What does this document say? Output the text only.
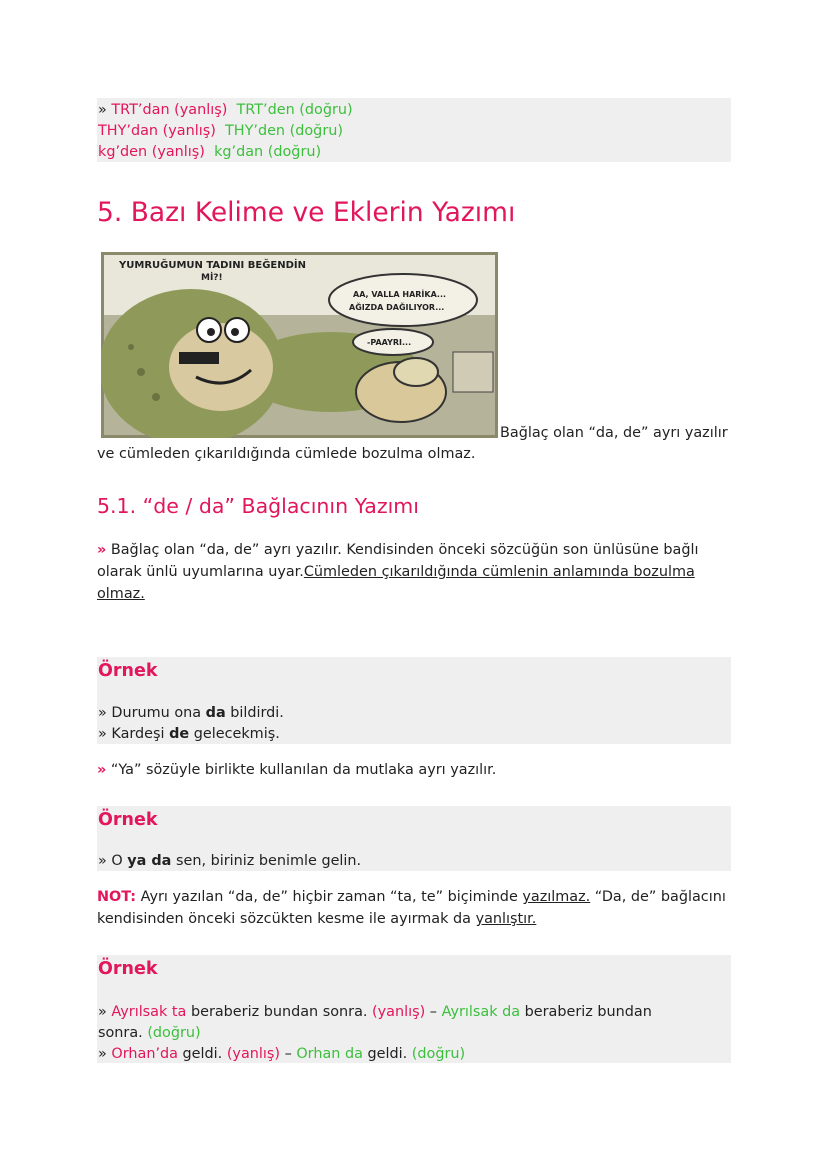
» TRT’dan (yanlış) TRT’den (doğru)
THY’dan (yanlış) THY’den (doğru)
kg’den (yanlış) kg’dan (doğru)
5. Bazı Kelime ve Eklerin Yazımı
YUMRUĞUMUN TADINI BEĞENDİN
Mİ?!
AA, VALLA HARİKA...
AĞIZDA DAĞILIYOR...
-PAAYRI...
Bağlaç olan “da, de” ayrı yazılır
ve cümleden çıkarıldığında cümlede bozulma olmaz.
5.1. “de / da” Bağlacının Yazımı
» Bağlaç olan “da, de” ayrı yazılır. Kendisinden önceki sözcüğün son ünlüsüne bağlı olarak ünlü uyumlarına uyar.Cümleden çıkarıldığında cümlenin anlamında bozulma olmaz.
Örnek
» Durumu ona da bildirdi.
» Kardeşi de gelecekmiş.
» “Ya” sözüyle birlikte kullanılan da mutlaka ayrı yazılır.
Örnek
» O ya da sen, biriniz benimle gelin.
NOT: Ayrı yazılan “da, de” hiçbir zaman “ta, te” biçiminde yazılmaz. “Da, de” bağlacını kendisinden önceki sözcükten kesme ile ayırmak da yanlıştır.
Örnek
» Ayrılsak ta beraberiz bundan sonra. (yanlış) – Ayrılsak da beraberiz bundan
sonra. (doğru)
» Orhan’da geldi. (yanlış) – Orhan da geldi. (doğru)
